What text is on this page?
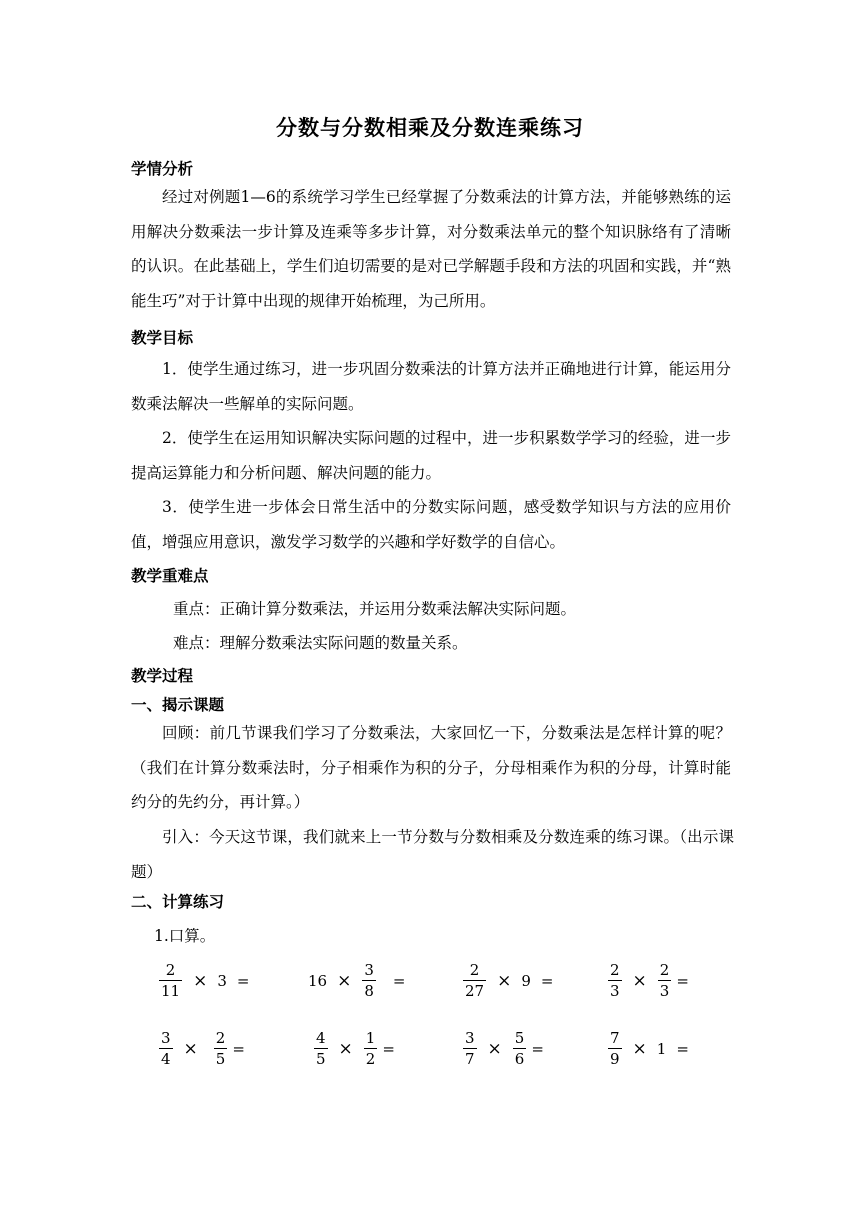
分数与分数相乘及分数连乘练习
学情分析
经过对例题1—6的系统学习学生已经掌握了分数乘法的计算方法，并能够熟练的运用解决分数乘法一步计算及连乘等多步计算，对分数乘法单元的整个知识脉络有了清晰的认识。在此基础上，学生们迫切需要的是对已学解题手段和方法的巩固和实践，并“熟能生巧”对于计算中出现的规律开始梳理，为己所用。
教学目标
1．使学生通过练习，进一步巩固分数乘法的计算方法并正确地进行计算，能运用分数乘法解决一些解单的实际问题。
2．使学生在运用知识解决实际问题的过程中，进一步积累数学学习的经验，进一步提高运算能力和分析问题、解决问题的能力。
3．使学生进一步体会日常生活中的分数实际问题，感受数学知识与方法的应用价值，增强应用意识，激发学习数学的兴趣和学好数学的自信心。
教学重难点
重点：正确计算分数乘法，并运用分数乘法解决实际问题。
难点：理解分数乘法实际问题的数量关系。
教学过程
一、揭示课题
回顾：前几节课我们学习了分数乘法，大家回忆一下，分数乘法是怎样计算的呢？（我们在计算分数乘法时，分子相乘作为积的分子，分母相乘作为积的分母，计算时能约分的先约分，再计算。）
引入：今天这节课，我们就来上一节分数与分数相乘及分数连乘的练习课。（出示课题）
二、计算练习
1.口算。
$\frac{2}{11} \times 3$ =	$16 \times \frac{3}{8}$ =	$\frac{2}{27} \times 9$ =	$\frac{2}{3} \times \frac{2}{3}$ =
$\frac{3}{4} \times \frac{2}{5}$ =	$\frac{4}{5} \times \frac{1}{2}$ =	$\frac{3}{7} \times \frac{5}{6}$ =	$\frac{7}{9} \times 1$ =
